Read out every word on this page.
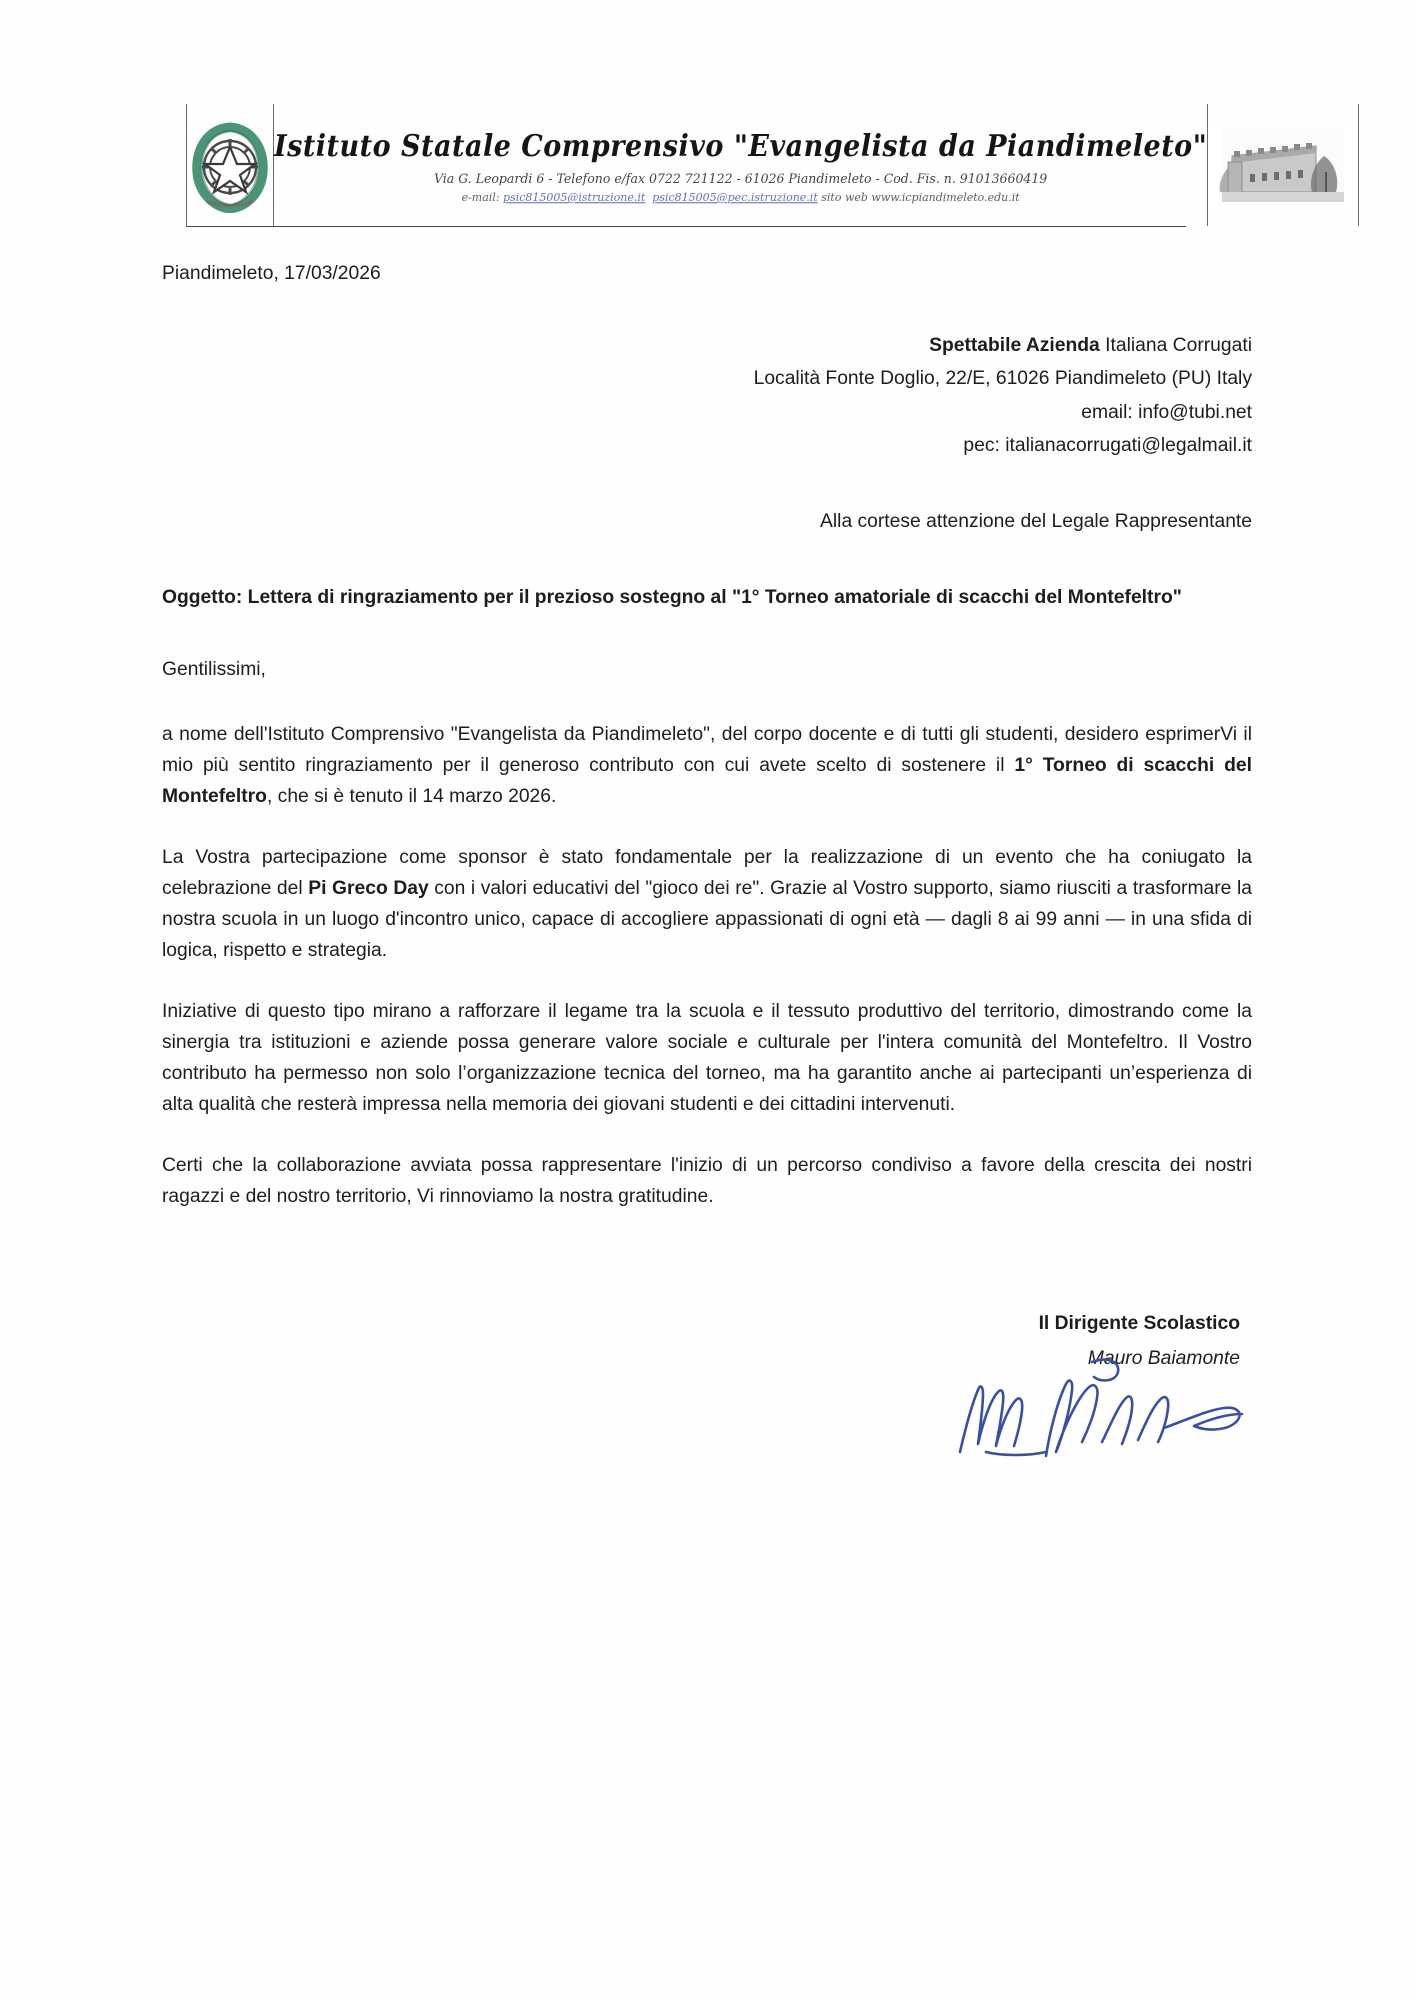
Istituto Statale Comprensivo "Evangelista da Piandimeleto"
Via G. Leopardi 6 - Telefono e/fax 0722 721122 - 61026 Piandimeleto - Cod. Fis. n. 91013660419
e-mail: psic815005@istruzione.it psic815005@pec.istruzione.it sito web www.icpiandimeleto.edu.it
Piandimeleto, 17/03/2026
Spettabile Azienda Italiana Corrugati
Località Fonte Doglio, 22/E, 61026 Piandimeleto (PU) Italy
email: info@tubi.net
pec: italianacorrugati@legalmail.it
Alla cortese attenzione del Legale Rappresentante
Oggetto: Lettera di ringraziamento per il prezioso sostegno al "1° Torneo amatoriale di scacchi del Montefeltro"
Gentilissimi,

a nome dell'Istituto Comprensivo "Evangelista da Piandimeleto", del corpo docente e di tutti gli studenti, desidero esprimerVi il mio più sentito ringraziamento per il generoso contributo con cui avete scelto di sostenere il 1° Torneo di scacchi del Montefeltro, che si è tenuto il 14 marzo 2026.

La Vostra partecipazione come sponsor è stato fondamentale per la realizzazione di un evento che ha coniugato la celebrazione del Pi Greco Day con i valori educativi del "gioco dei re". Grazie al Vostro supporto, siamo riusciti a trasformare la nostra scuola in un luogo d'incontro unico, capace di accogliere appassionati di ogni età — dagli 8 ai 99 anni — in una sfida di logica, rispetto e strategia.

Iniziative di questo tipo mirano a rafforzare il legame tra la scuola e il tessuto produttivo del territorio, dimostrando come la sinergia tra istituzioni e aziende possa generare valore sociale e culturale per l'intera comunità del Montefeltro. Il Vostro contributo ha permesso non solo l’organizzazione tecnica del torneo, ma ha garantito anche ai partecipanti un’esperienza di alta qualità che resterà impressa nella memoria dei giovani studenti e dei cittadini intervenuti.

Certi che la collaborazione avviata possa rappresentare l'inizio di un percorso condiviso a favore della crescita dei nostri ragazzi e del nostro territorio, Vi rinnoviamo la nostra gratitudine.

Il Dirigente Scolastico
Mauro Baiamonte
